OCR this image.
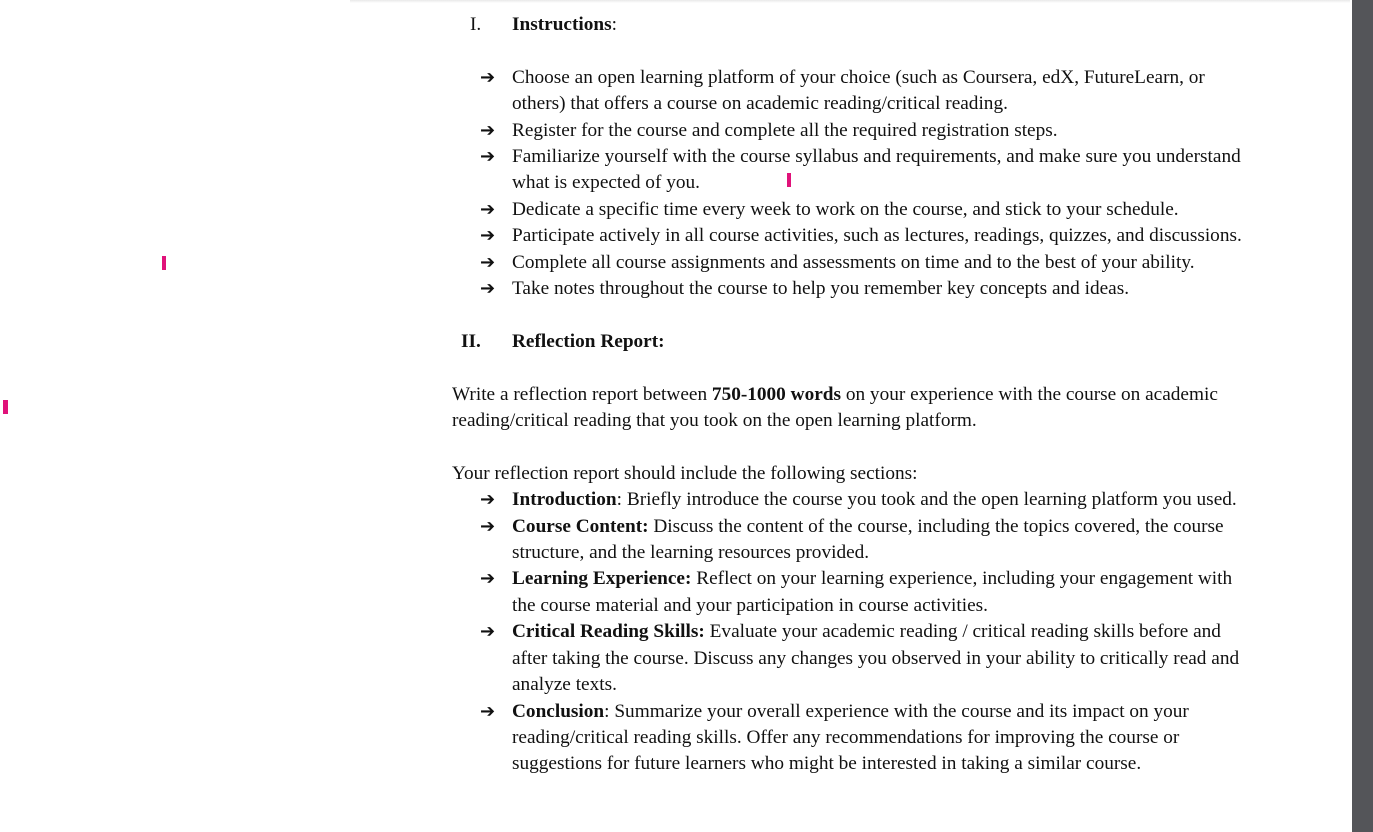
I.	Instructions:
➔ Choose an open learning platform of your choice (such as Coursera, edX, FutureLearn, or others) that offers a course on academic reading/critical reading.
➔ Register for the course and complete all the required registration steps.
➔ Familiarize yourself with the course syllabus and requirements, and make sure you understand what is expected of you.
➔ Dedicate a specific time every week to work on the course, and stick to your schedule.
➔ Participate actively in all course activities, such as lectures, readings, quizzes, and discussions.
➔ Complete all course assignments and assessments on time and to the best of your ability.
➔ Take notes throughout the course to help you remember key concepts and ideas.
II.	Reflection Report:

Write a reflection report between 750-1000 words on your experience with the course on academic reading/critical reading that you took on the open learning platform.

Your reflection report should include the following sections:

➔ Introduction: Briefly introduce the course you took and the open learning platform you used.
➔ Course Content: Discuss the content of the course, including the topics covered, the course structure, and the learning resources provided.
➔ Learning Experience: Reflect on your learning experience, including your engagement with the course material and your participation in course activities.
➔ Critical Reading Skills: Evaluate your academic reading / critical reading skills before and after taking the course. Discuss any changes you observed in your ability to critically read and analyze texts.
➔ Conclusion: Summarize your overall experience with the course and its impact on your reading/critical reading skills. Offer any recommendations for improving the course or suggestions for future learners who might be interested in taking a similar course.
